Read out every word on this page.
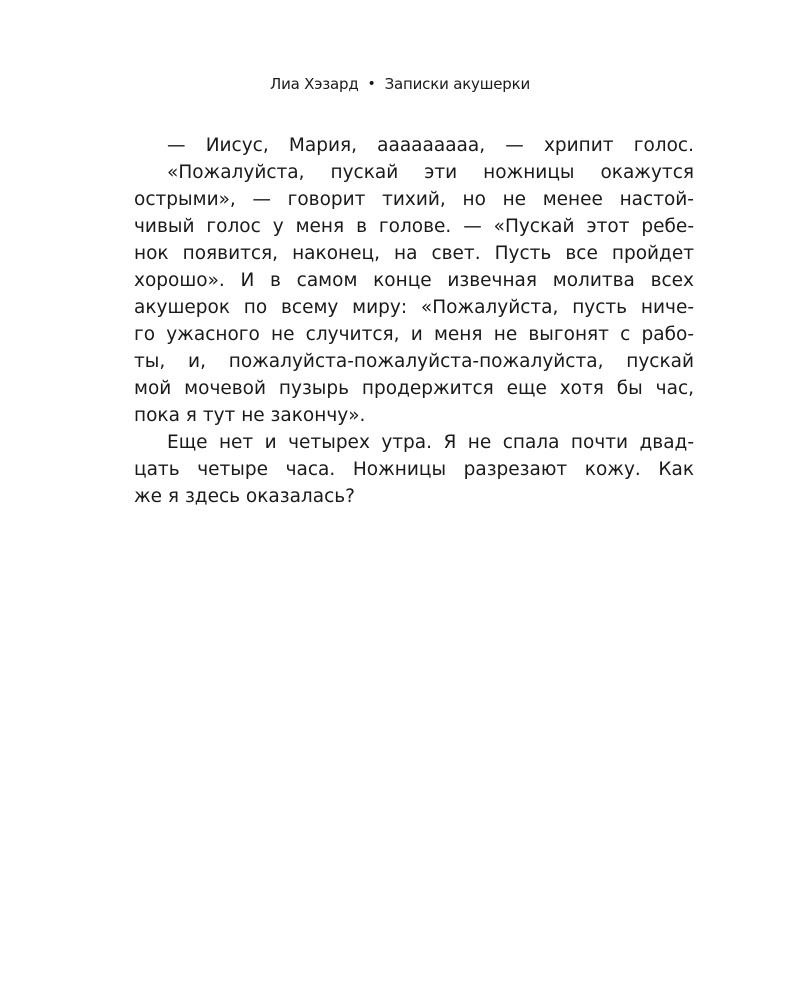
Лиа Хэзард • Записки акушерки
— Иисус, Мария, ааааааааа, — хрипит голос.
«Пожалуйста, пускай эти ножницы окажутся
острыми», — говорит тихий, но не менее настой-
чивый голос у меня в голове. — «Пускай этот ребе-
нок появится, наконец, на свет. Пусть все пройдет
хорошо». И в самом конце извечная молитва всех
акушерок по всему миру: «Пожалуйста, пусть ниче-
го ужасного не случится, и меня не выгонят с рабо-
ты, и, пожалуйста-пожалуйста-пожалуйста, пускай
мой мочевой пузырь продержится еще хотя бы час,
пока я тут не закончу».
Еще нет и четырех утра. Я не спала почти двад-
цать четыре часа. Ножницы разрезают кожу. Как
же я здесь оказалась?
